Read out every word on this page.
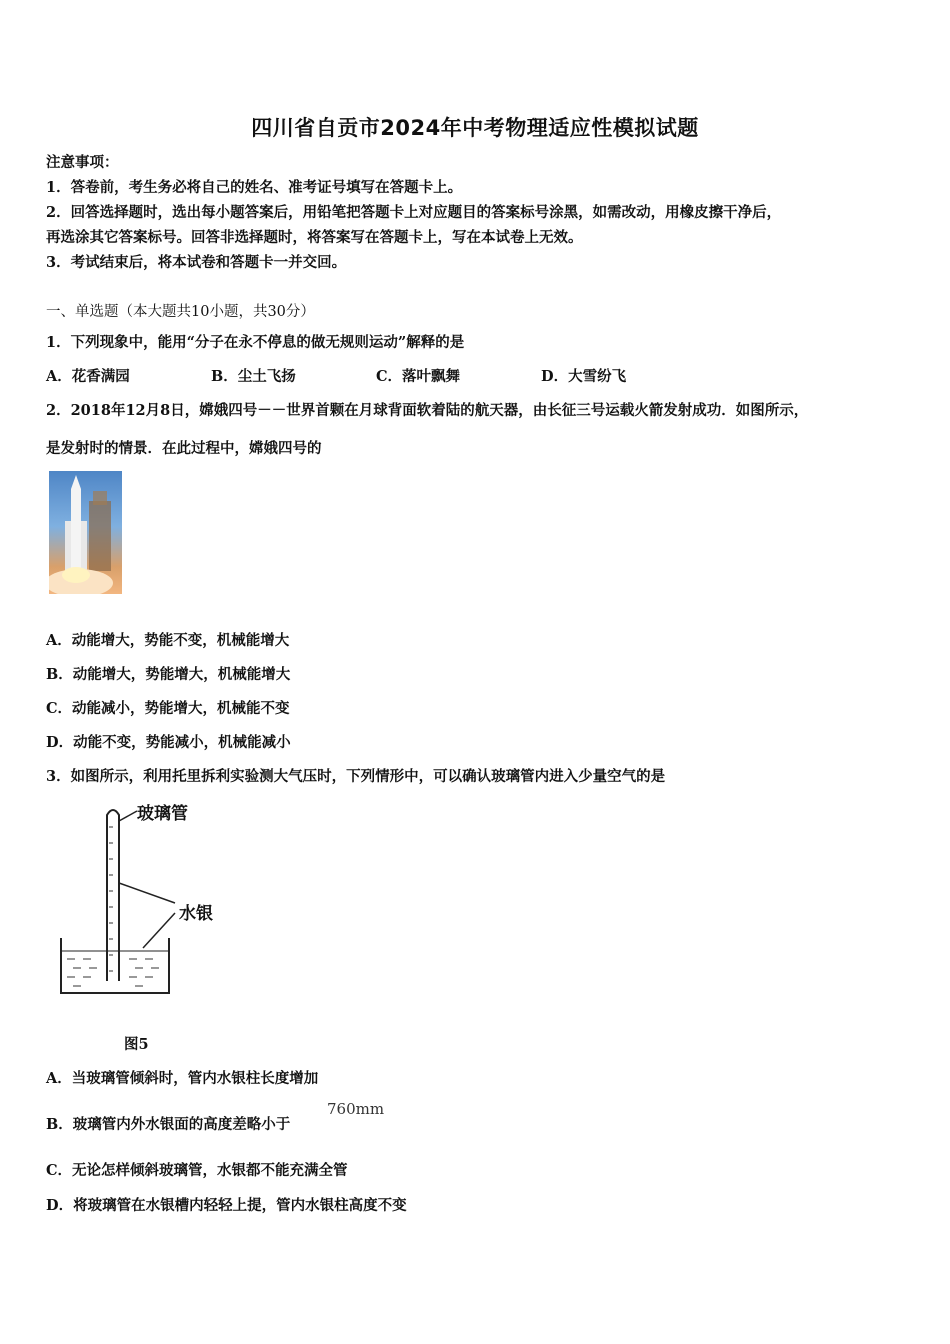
四川省自贡市2024年中考物理适应性模拟试题
注意事项：
1．答卷前，考生务必将自己的姓名、准考证号填写在答题卡上。
2．回答选择题时，选出每小题答案后，用铅笔把答题卡上对应题目的答案标号涂黑，如需改动，用橡皮擦干净后，
再选涂其它答案标号。回答非选择题时，将答案写在答题卡上，写在本试卷上无效。
3．考试结束后，将本试卷和答题卡一并交回。
一、单选题（本大题共10小题，共30分）
1．下列现象中，能用“分子在永不停息的做无规则运动”解释的是
A．花香满园	B．尘土飞扬	C．落叶飘舞	D．大雪纷飞
2．2018年12月8日，嫦娥四号－－世界首颗在月球背面软着陆的航天器，由长征三号运载火箭发射成功．如图所示，
是发射时的情景．在此过程中，嫦娥四号的
A．动能增大，势能不变，机械能增大
B．动能增大，势能增大，机械能增大
C．动能减小，势能增大，机械能不变
D．动能不变，势能减小，机械能减小
3．如图所示，利用托里拆利实验测大气压时，下列情形中，可以确认玻璃管内进入少量空气的是
玻璃管
水银
图5
A．当玻璃管倾斜时，管内水银柱长度增加
B．玻璃管内外水银面的高度差略小于
760mm
C．无论怎样倾斜玻璃管，水银都不能充满全管
D．将玻璃管在水银槽内轻轻上提，管内水银柱高度不变
